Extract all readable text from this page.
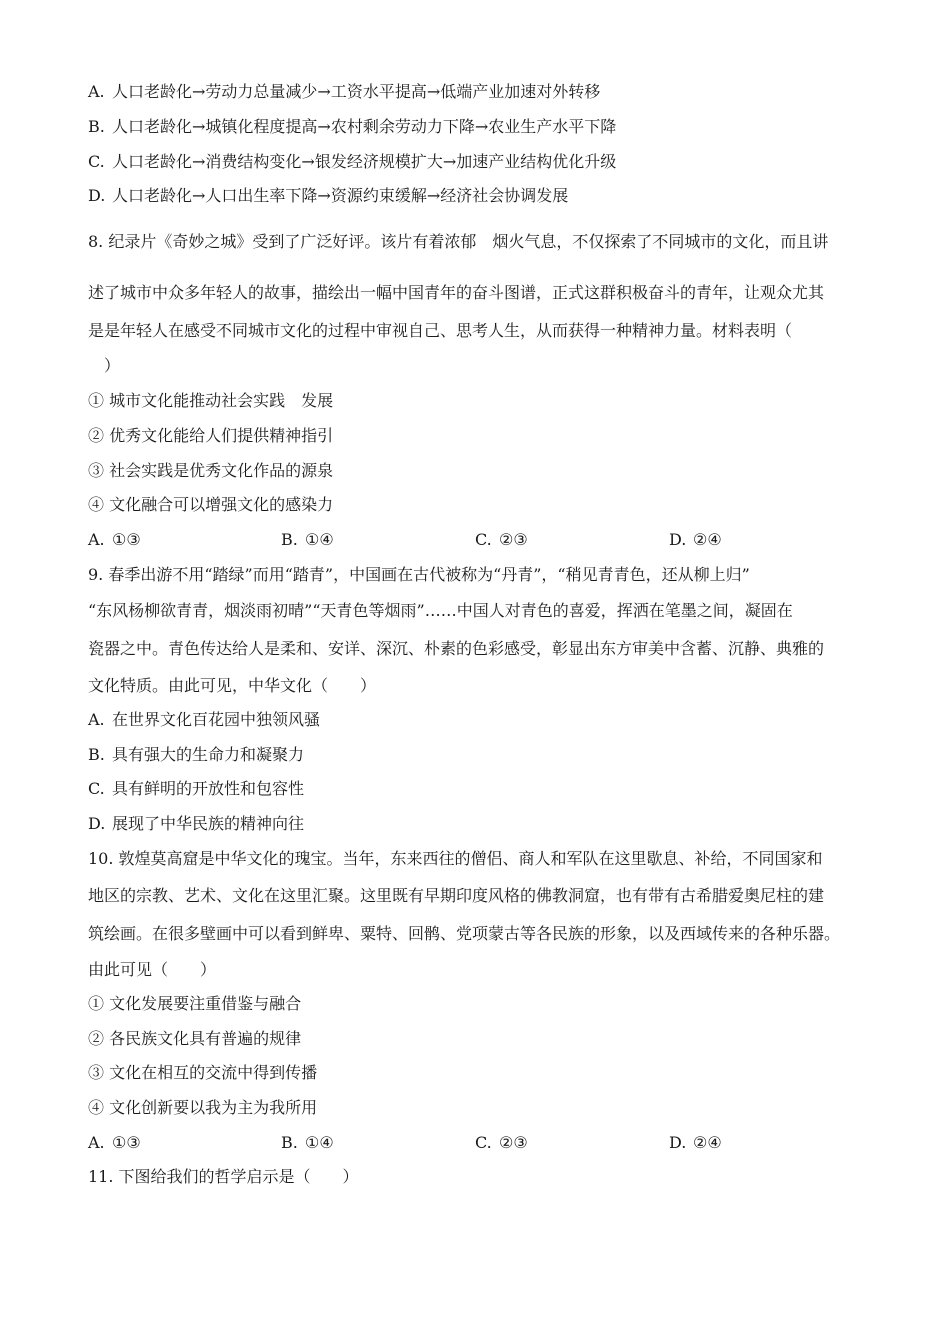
A. 人口老龄化→劳动力总量减少→工资水平提高→低端产业加速对外转移
B. 人口老龄化→城镇化程度提高→农村剩余劳动力下降→农业生产水平下降
C. 人口老龄化→消费结构变化→银发经济规模扩大→加速产业结构优化升级
D. 人口老龄化→人口出生率下降→资源约束缓解→经济社会协调发展
8. 纪录片《奇妙之城》受到了广泛好评。该片有着浓郁　烟火气息，不仅探索了不同城市的文化，而且讲
述了城市中众多年轻人的故事，描绘出一幅中国青年的奋斗图谱，正式这群积极奋斗的青年，让观众尤其
是是年轻人在感受不同城市文化的过程中审视自己、思考人生，从而获得一种精神力量。材料表明（
　）
① 城市文化能推动社会实践　发展
② 优秀文化能给人们提供精神指引
③ 社会实践是优秀文化作品的源泉
④ 文化融合可以增强文化的感染力
A. ①③	B. ①④	C. ②③	D. ②④
9. 春季出游不用“踏绿”而用“踏青”，中国画在古代被称为“丹青”，“稍见青青色，还从柳上归”
“东风杨柳欲青青，烟淡雨初晴”“天青色等烟雨”……中国人对青色的喜爱，挥洒在笔墨之间，凝固在
瓷器之中。青色传达给人是柔和、安详、深沉、朴素的色彩感受，彰显出东方审美中含蓄、沉静、典雅的
文化特质。由此可见，中华文化（　　）
A. 在世界文化百花园中独领风骚
B. 具有强大的生命力和凝聚力
C. 具有鲜明的开放性和包容性
D. 展现了中华民族的精神向往
10. 敦煌莫高窟是中华文化的瑰宝。当年，东来西往的僧侣、商人和军队在这里歇息、补给，不同国家和
地区的宗教、艺术、文化在这里汇聚。这里既有早期印度风格的佛教洞窟，也有带有古希腊爱奥尼柱的建
筑绘画。在很多壁画中可以看到鲜卑、粟特、回鹘、党项蒙古等各民族的形象，以及西域传来的各种乐器。
由此可见（　　）
① 文化发展要注重借鉴与融合
② 各民族文化具有普遍的规律
③ 文化在相互的交流中得到传播
④ 文化创新要以我为主为我所用
A. ①③	B. ①④	C. ②③	D. ②④
11. 下图给我们的哲学启示是（　　）
